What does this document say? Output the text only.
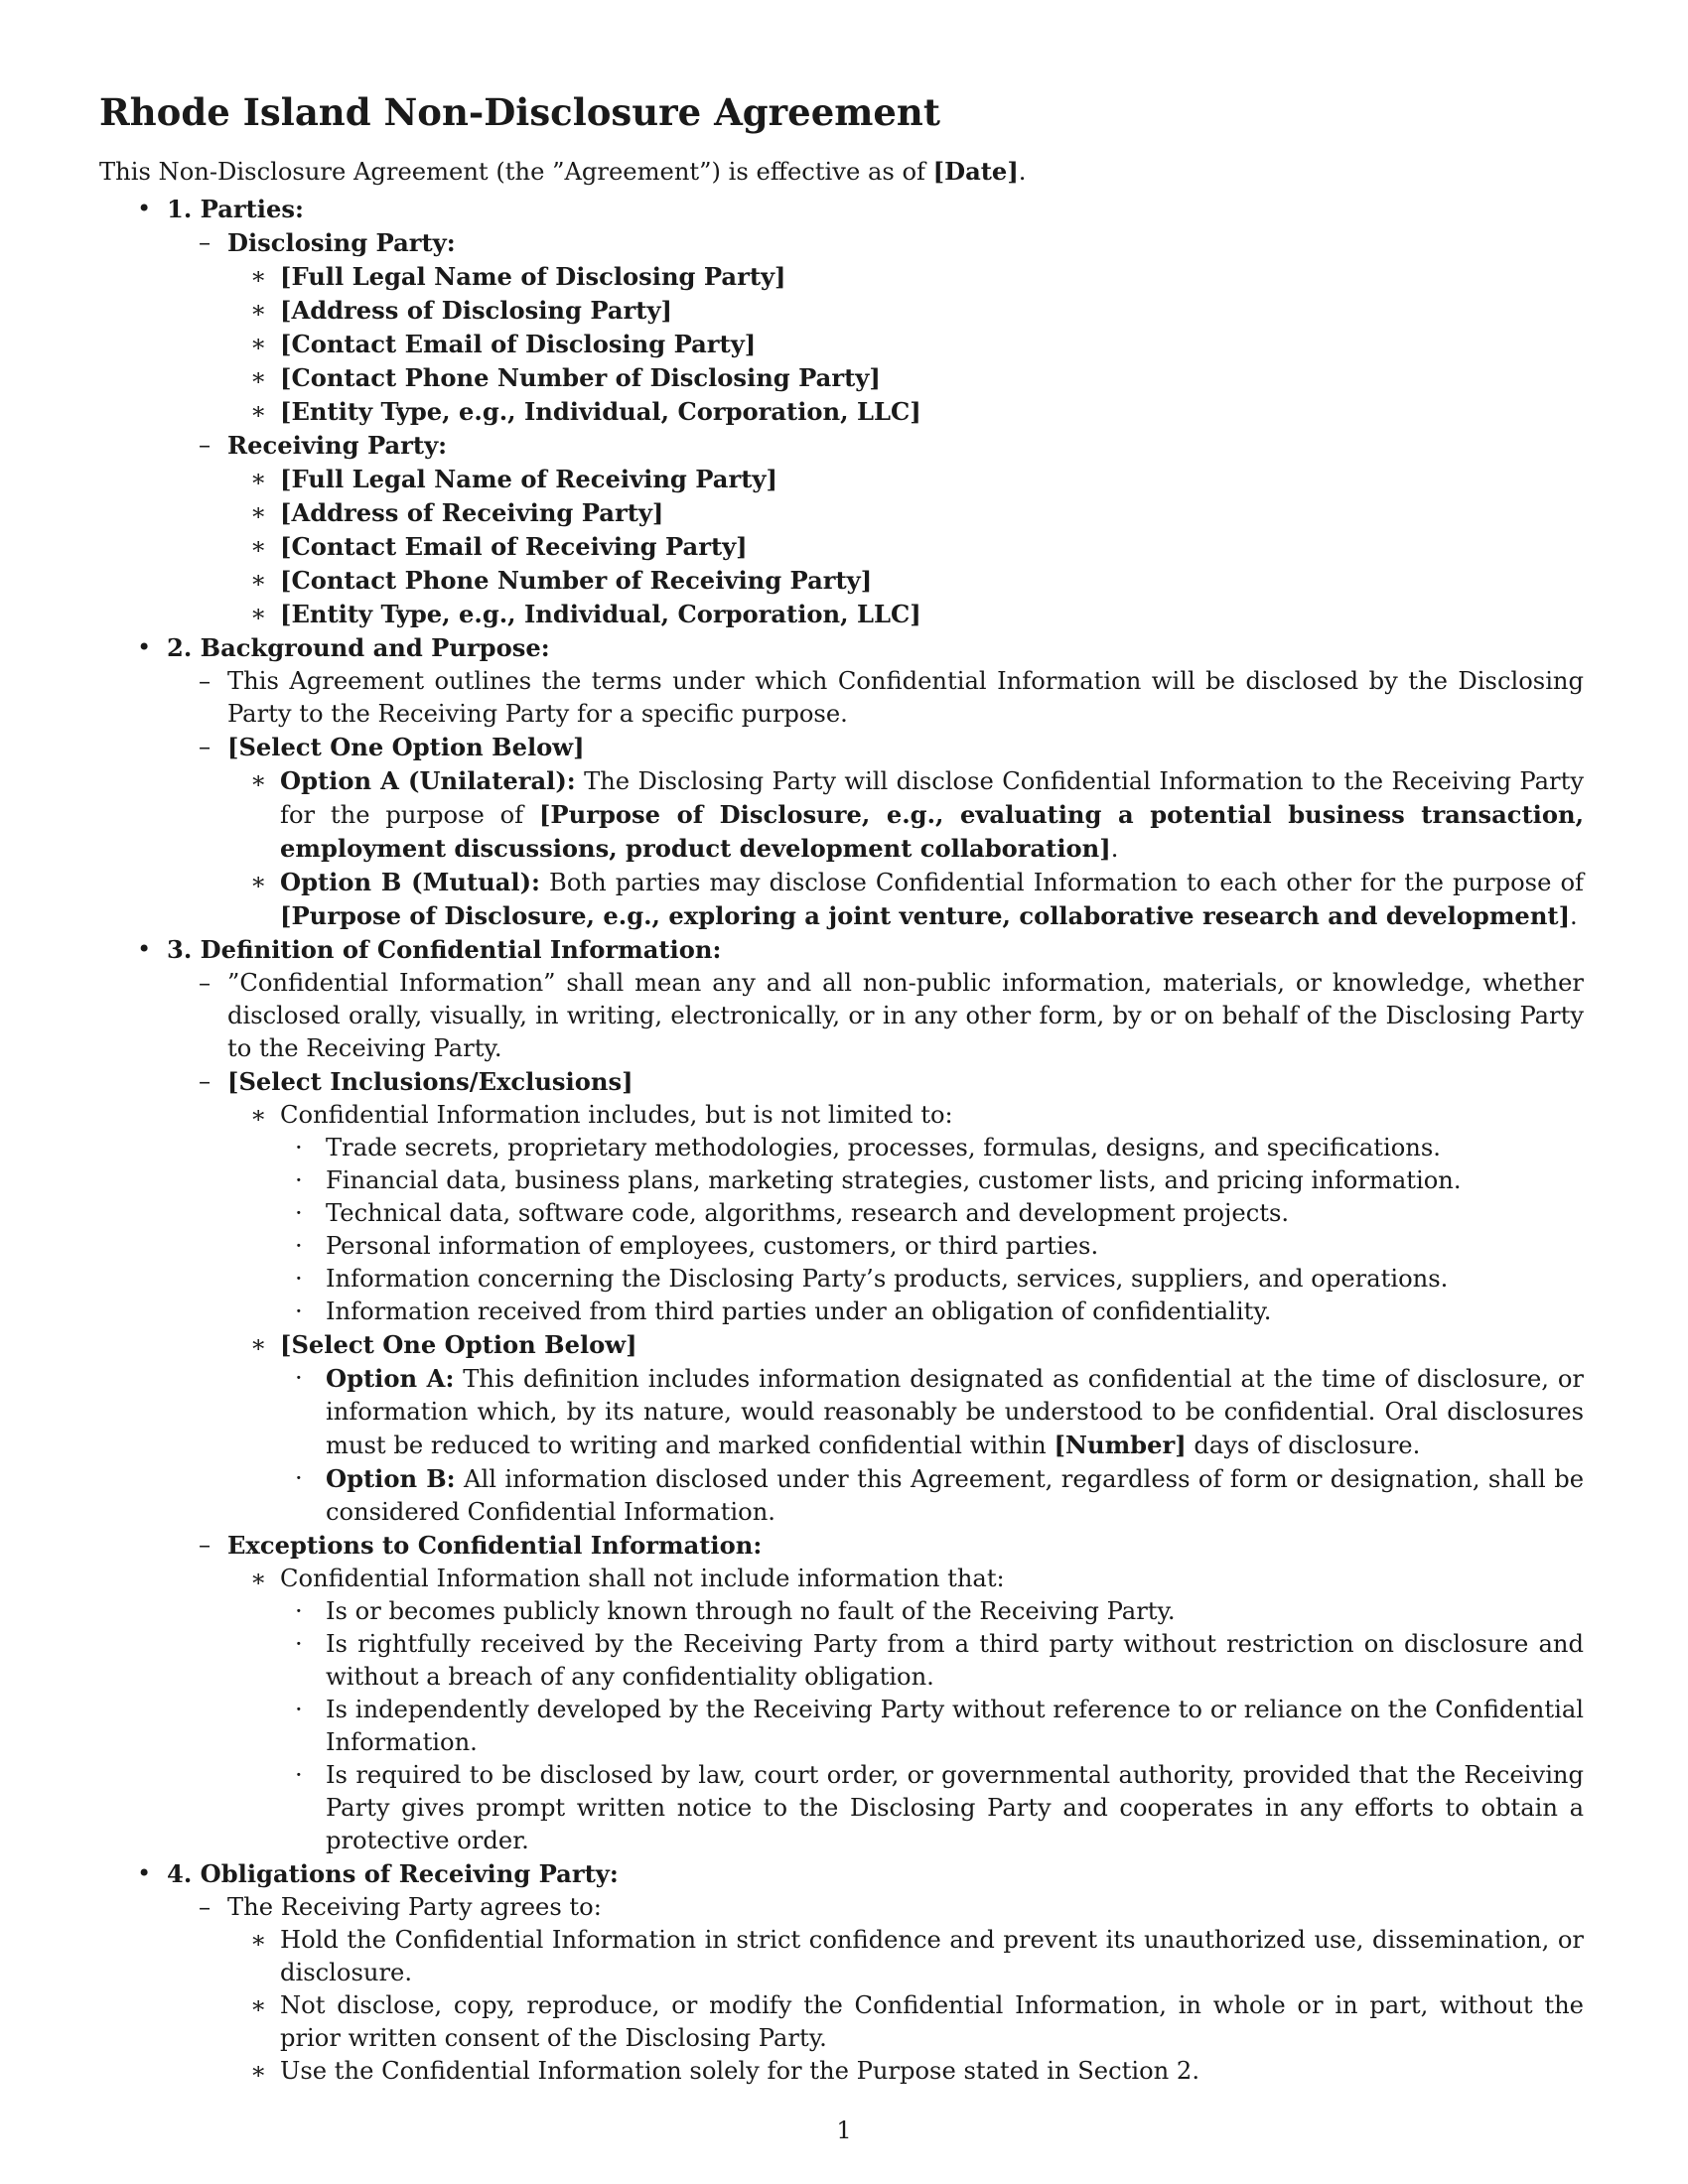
Rhode Island Non-Disclosure Agreement

This Non-Disclosure Agreement (the ”Agreement”) is effective as of [Date].

• 1. Parties:
– Disclosing Party:
∗ [Full Legal Name of Disclosing Party]
∗ [Address of Disclosing Party]
∗ [Contact Email of Disclosing Party]
∗ [Contact Phone Number of Disclosing Party]
∗ [Entity Type, e.g., Individual, Corporation, LLC]
– Receiving Party:
∗ [Full Legal Name of Receiving Party]
∗ [Address of Receiving Party]
∗ [Contact Email of Receiving Party]
∗ [Contact Phone Number of Receiving Party]
∗ [Entity Type, e.g., Individual, Corporation, LLC]
• 2. Background and Purpose:
– This Agreement outlines the terms under which Confidential Information will be disclosed by the Disclosing Party to the Receiving Party for a specific purpose.
– [Select One Option Below]
∗ Option A (Unilateral): The Disclosing Party will disclose Confidential Information to the Receiving Party for the purpose of [Purpose of Disclosure, e.g., evaluating a potential business transaction, employment discussions, product development collaboration].
∗ Option B (Mutual): Both parties may disclose Confidential Information to each other for the purpose of [Purpose of Disclosure, e.g., exploring a joint venture, collaborative research and development].
• 3. Definition of Confidential Information:
– ”Confidential Information” shall mean any and all non-public information, materials, or knowledge, whether disclosed orally, visually, in writing, electronically, or in any other form, by or on behalf of the Disclosing Party to the Receiving Party.
– [Select Inclusions/Exclusions]
∗ Confidential Information includes, but is not limited to:
· Trade secrets, proprietary methodologies, processes, formulas, designs, and specifications.
· Financial data, business plans, marketing strategies, customer lists, and pricing information.
· Technical data, software code, algorithms, research and development projects.
· Personal information of employees, customers, or third parties.
· Information concerning the Disclosing Party’s products, services, suppliers, and operations.
· Information received from third parties under an obligation of confidentiality.
∗ [Select One Option Below]
· Option A: This definition includes information designated as confidential at the time of disclosure, or information which, by its nature, would reasonably be understood to be confidential. Oral disclosures must be reduced to writing and marked confidential within [Number] days of disclosure.
· Option B: All information disclosed under this Agreement, regardless of form or designation, shall be considered Confidential Information.
– Exceptions to Confidential Information:
∗ Confidential Information shall not include information that:
· Is or becomes publicly known through no fault of the Receiving Party.
· Is rightfully received by the Receiving Party from a third party without restriction on disclosure and without a breach of any confidentiality obligation.
· Is independently developed by the Receiving Party without reference to or reliance on the Confidential Information.
· Is required to be disclosed by law, court order, or governmental authority, provided that the Receiving Party gives prompt written notice to the Disclosing Party and cooperates in any efforts to obtain a protective order.
• 4. Obligations of Receiving Party:
– The Receiving Party agrees to:
∗ Hold the Confidential Information in strict confidence and prevent its unauthorized use, dissemination, or disclosure.
∗ Not disclose, copy, reproduce, or modify the Confidential Information, in whole or in part, without the prior written consent of the Disclosing Party.
∗ Use the Confidential Information solely for the Purpose stated in Section 2.
1
